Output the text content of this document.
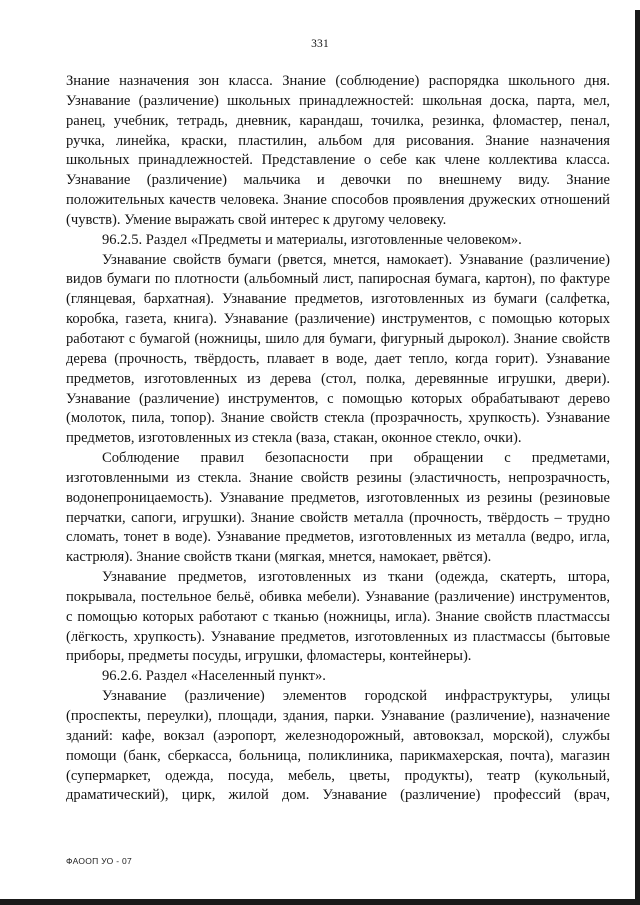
331

Знание назначения зон класса. Знание (соблюдение) распорядка школьного дня. Узнавание (различение) школьных принадлежностей: школьная доска, парта, мел, ранец, учебник, тетрадь, дневник, карандаш, точилка, резинка, фломастер, пенал, ручка, линейка, краски, пластилин, альбом для рисования. Знание назначения школьных принадлежностей. Представление о себе как члене коллектива класса. Узнавание (различение) мальчика и девочки по внешнему виду. Знание положительных качеств человека. Знание способов проявления дружеских отношений (чувств). Умение выражать свой интерес к другому человеку.

96.2.5. Раздел «Предметы и материалы, изготовленные человеком».

Узнавание свойств бумаги (рвется, мнется, намокает). Узнавание (различение) видов бумаги по плотности (альбомный лист, папиросная бумага, картон), по фактуре (глянцевая, бархатная). Узнавание предметов, изготовленных из бумаги (салфетка, коробка, газета, книга). Узнавание (различение) инструментов, с помощью которых работают с бумагой (ножницы, шило для бумаги, фигурный дырокол). Знание свойств дерева (прочность, твёрдость, плавает в воде, дает тепло, когда горит). Узнавание предметов, изготовленных из дерева (стол, полка, деревянные игрушки, двери). Узнавание (различение) инструментов, с помощью которых обрабатывают дерево (молоток, пила, топор). Знание свойств стекла (прозрачность, хрупкость). Узнавание предметов, изготовленных из стекла (ваза, стакан, оконное стекло, очки).

Соблюдение правил безопасности при обращении с предметами, изготовленными из стекла. Знание свойств резины (эластичность, непрозрачность, водонепроницаемость). Узнавание предметов, изготовленных из резины (резиновые перчатки, сапоги, игрушки). Знание свойств металла (прочность, твёрдость – трудно сломать, тонет в воде). Узнавание предметов, изготовленных из металла (ведро, игла, кастрюля). Знание свойств ткани (мягкая, мнется, намокает, рвётся).

Узнавание предметов, изготовленных из ткани (одежда, скатерть, штора, покрывала, постельное бельё, обивка мебели). Узнавание (различение) инструментов, с помощью которых работают с тканью (ножницы, игла). Знание свойств пластмассы (лёгкость, хрупкость). Узнавание предметов, изготовленных из пластмассы (бытовые приборы, предметы посуды, игрушки, фломастеры, контейнеры).

96.2.6. Раздел «Населенный пункт».

Узнавание (различение) элементов городской инфраструктуры, улицы (проспекты, переулки), площади, здания, парки. Узнавание (различение), назначение зданий: кафе, вокзал (аэропорт, железнодорожный, автовокзал, морской), службы помощи (банк, сберкасса, больница, поликлиника, парикмахерская, почта), магазин (супермаркет, одежда, посуда, мебель, цветы, продукты), театр (кукольный, драматический), цирк, жилой дом. Узнавание (различение) профессий (врач,

ФАООП УО - 07
